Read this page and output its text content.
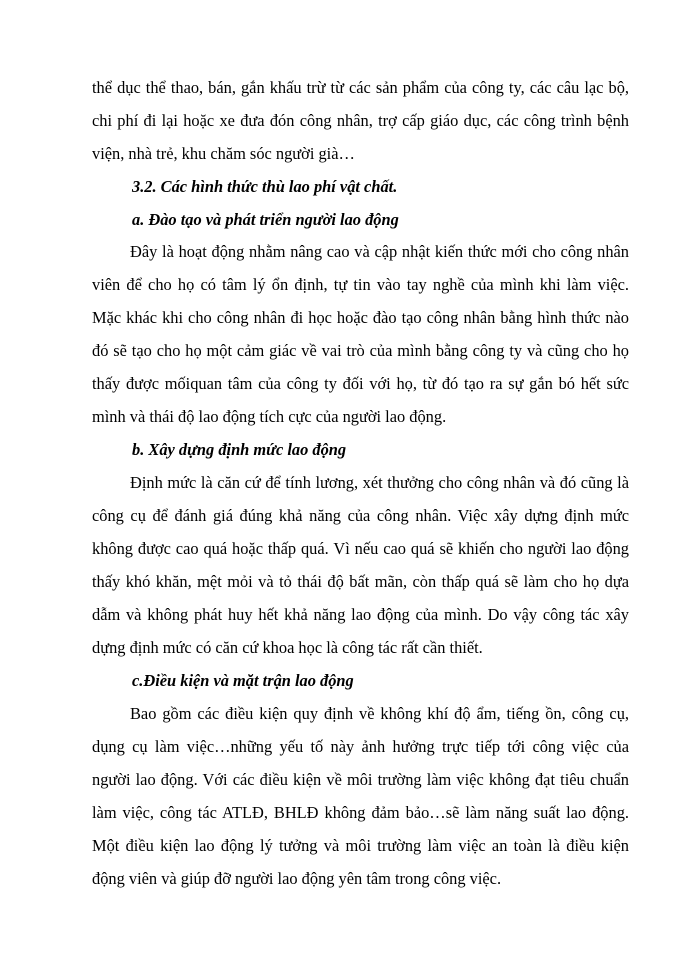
thể dục thể thao, bán, gắn khấu trừ từ các sản phẩm của công ty, các câu lạc bộ,
chi phí đi lại hoặc xe đưa đón công nhân, trợ cấp giáo dục, các công trình bệnh
viện, nhà trẻ, khu chăm sóc người già…
3.2. Các hình thức thù lao phí vật chất.
a. Đào tạo và phát triển người lao động
Đây là hoạt động nhằm nâng cao và cập nhật kiến thức mới cho công nhân
viên để cho họ có tâm lý ổn định, tự tin vào tay nghề của mình khi làm việc.
Mặc khác khi cho công nhân đi học hoặc đào tạo công nhân bằng hình thức nào
đó sẽ tạo cho họ một cảm giác về vai trò của mình bằng công ty và cũng cho họ
thấy được mốiquan tâm của công ty đối với họ, từ đó tạo ra sự gắn bó hết sức
mình và thái độ lao động tích cực của người lao động.
b. Xây dựng định mức lao động
Định mức là căn cứ để tính lương, xét thưởng cho công nhân và đó cũng là
công cụ để đánh giá đúng khả năng của công nhân. Việc xây dựng định mức
không được cao quá hoặc thấp quá. Vì nếu cao quá sẽ khiến cho người lao động
thấy khó khăn, mệt mỏi và tỏ thái độ bất mãn, còn thấp quá sẽ làm cho họ dựa
dẫm và không phát huy hết khả năng lao động của mình. Do vậy công tác xây
dựng định mức có căn cứ khoa học là công tác rất cần thiết.
c.Điều kiện và mặt trận lao động
Bao gồm các điều kiện quy định về không khí độ ẩm, tiếng ồn, công cụ,
dụng cụ làm việc…những yếu tố này ảnh hưởng trực tiếp tới công việc của
người lao động. Với các điều kiện về môi trường làm việc không đạt tiêu chuẩn
làm việc, công tác ATLĐ, BHLĐ không đảm bảo…sẽ làm năng suất lao động.
Một điều kiện lao động lý tưởng và môi trường làm việc an toàn là điều kiện
động viên và giúp đỡ người lao động yên tâm trong công việc.
